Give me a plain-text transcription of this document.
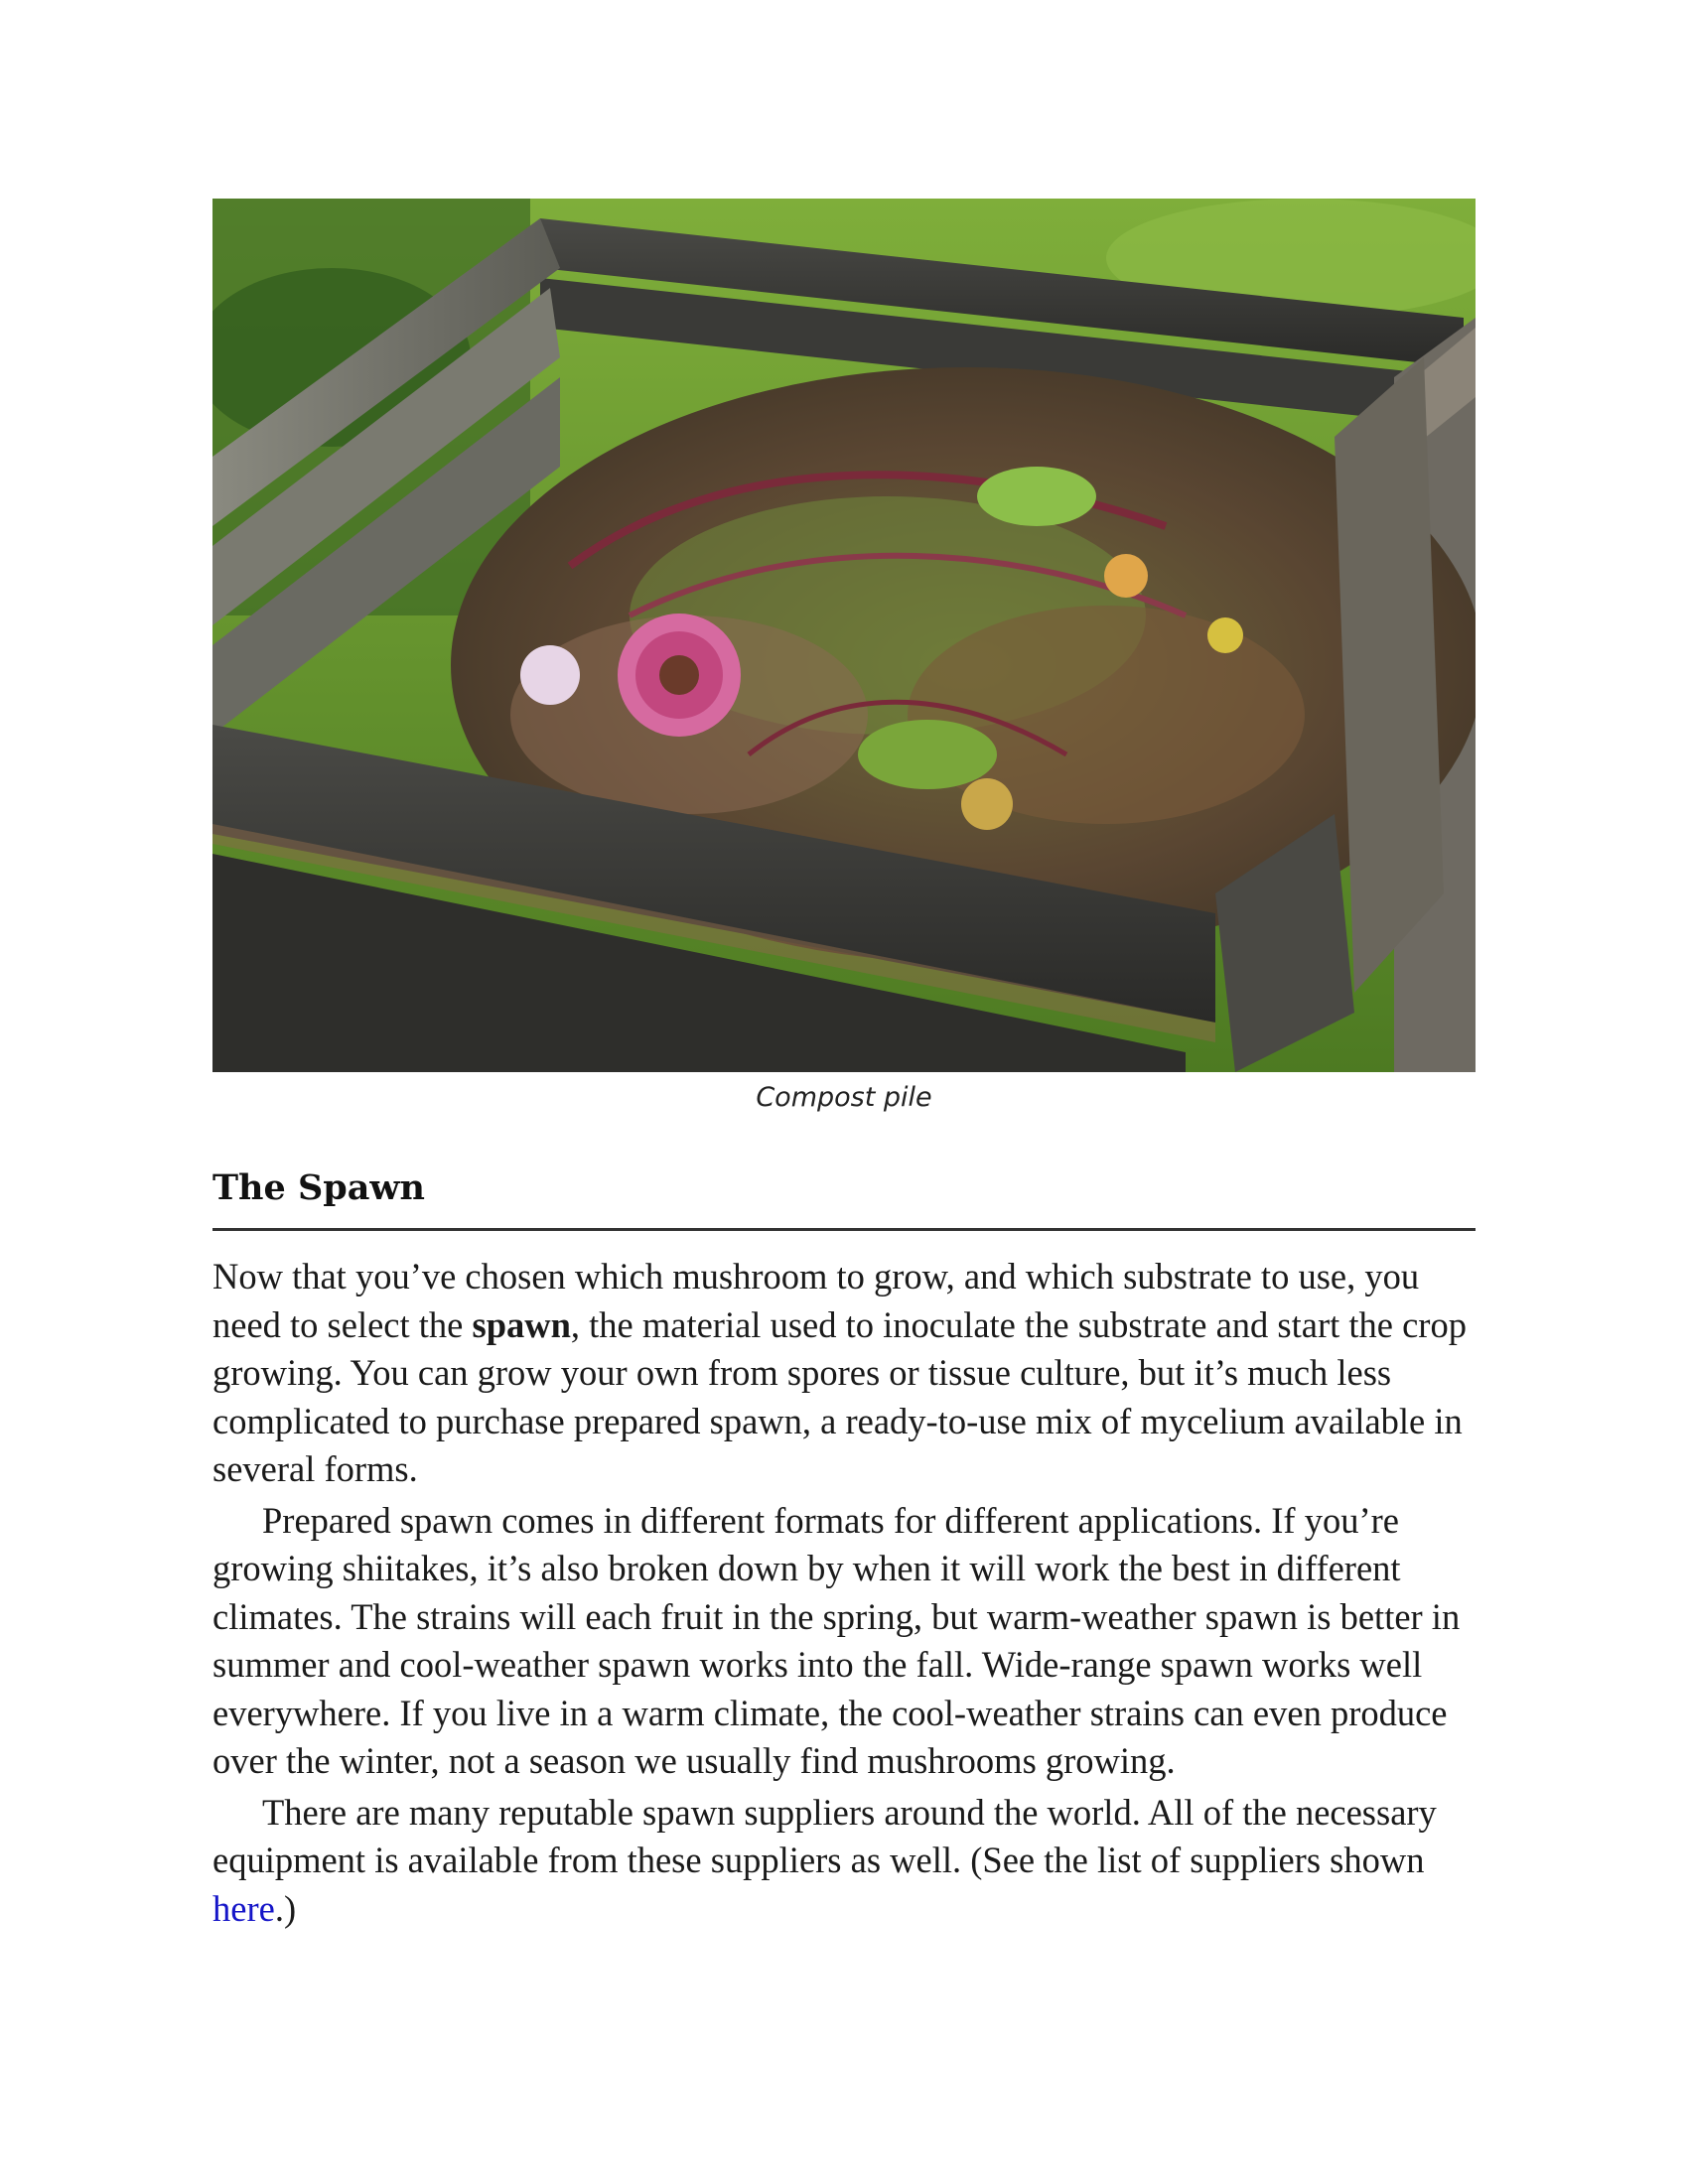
Compost pile
The Spawn

Now that you’ve chosen which mushroom to grow, and which substrate to use, you need to select the spawn, the material used to inoculate the substrate and start the crop growing. You can grow your own from spores or tissue culture, but it’s much less complicated to purchase prepared spawn, a ready-to-use mix of mycelium available in several forms.

Prepared spawn comes in different formats for different applications. If you’re growing shiitakes, it’s also broken down by when it will work the best in different climates. The strains will each fruit in the spring, but warm-weather spawn is better in summer and cool-weather spawn works into the fall. Wide-range spawn works well everywhere. If you live in a warm climate, the cool-weather strains can even produce over the winter, not a season we usually find mushrooms growing.

There are many reputable spawn suppliers around the world. All of the necessary equipment is available from these suppliers as well. (See the list of suppliers shown here.)
